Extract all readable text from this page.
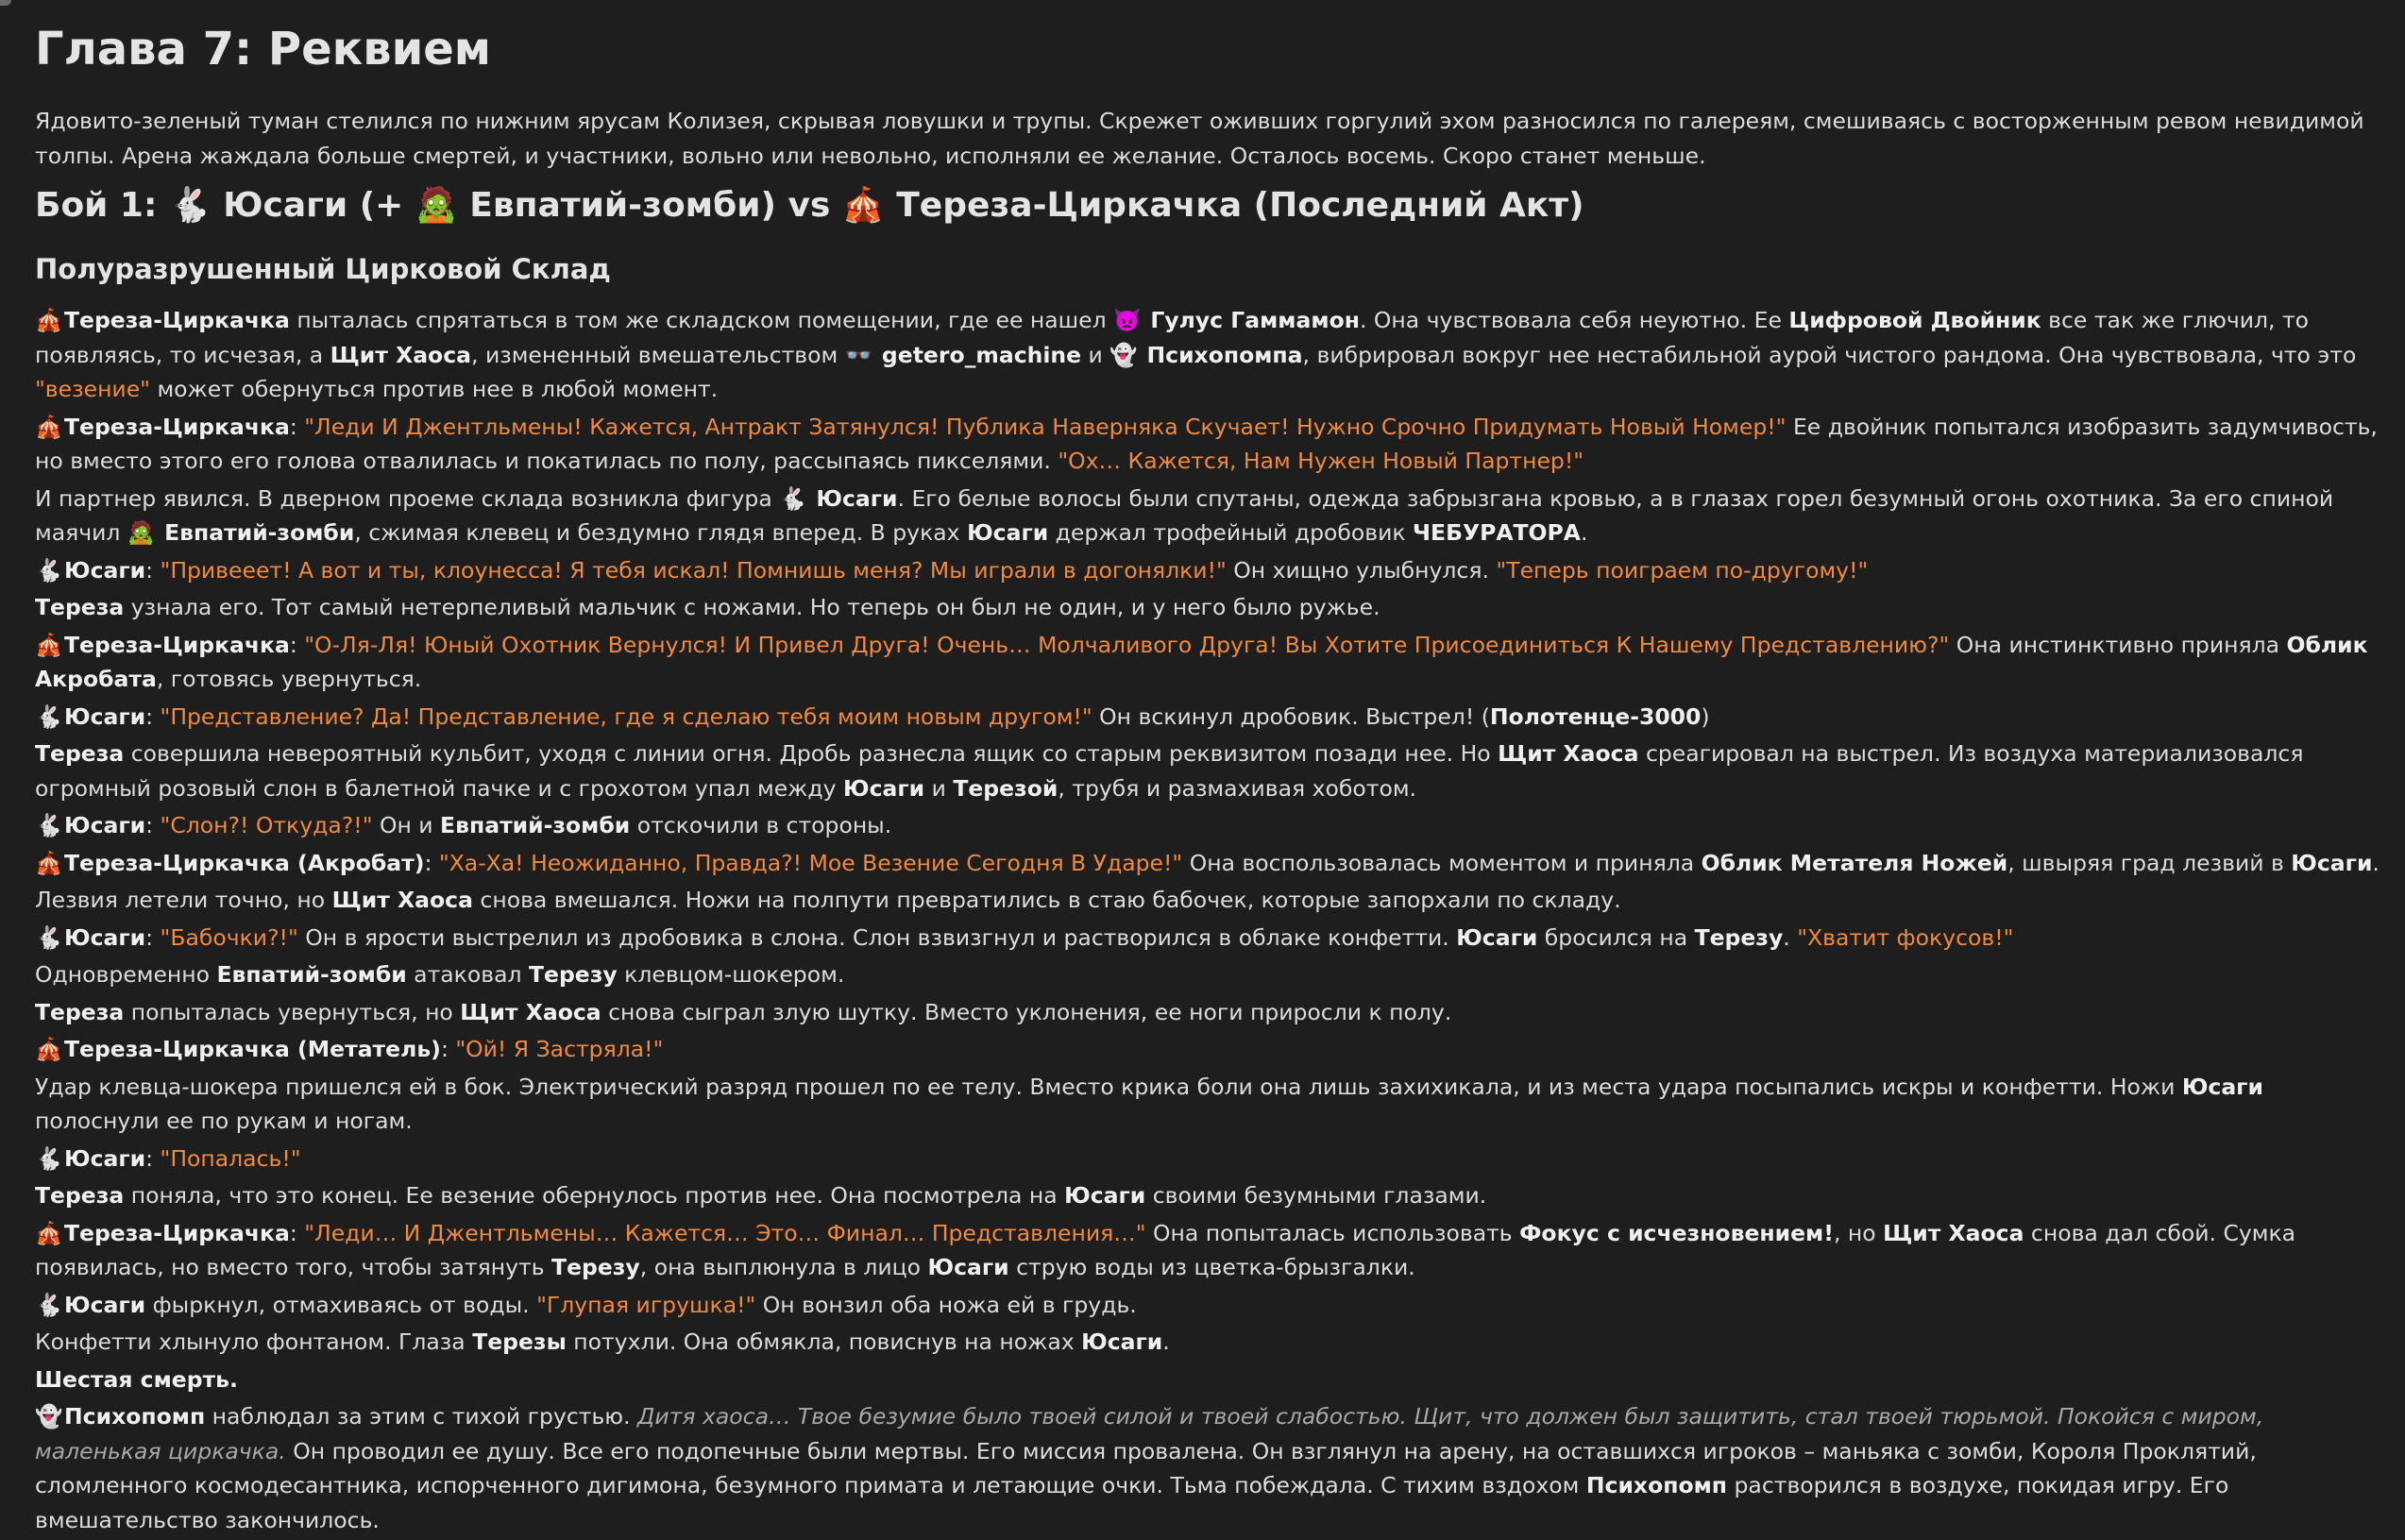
Глава 7: Реквием

Ядовито-зеленый туман стелился по нижним ярусам Колизея, скрывая ловушки и трупы. Скрежет оживших горгулий эхом разносился по галереям, смешиваясь с восторженным ревом невидимой толпы. Арена жаждала больше смертей, и участники, вольно или невольно, исполняли ее желание. Осталось восемь. Скоро станет меньше.

Бой 1: 🐇 Юсаги (+ 🧟 Евпатий-зомби) vs 🎪 Тереза-Циркачка (Последний Акт)
Полуразрушенный Цирковой Склад

🎪Тереза-Циркачка пыталась спрятаться в том же складском помещении, где ее нашел 👿 Гулус Гаммамон. Она чувствовала себя неуютно. Ее Цифровой Двойник все так же глючил, то появляясь, то исчезая, а Щит Хаоса, измененный вмешательством 👓 getero_machine и 👻 Психопомпа, вибрировал вокруг нее нестабильной аурой чистого рандома. Она чувствовала, что это "везение" может обернуться против нее в любой момент.

🎪Тереза-Циркачка: "Леди И Джентльмены! Кажется, Антракт Затянулся! Публика Наверняка Скучает! Нужно Срочно Придумать Новый Номер!" Ее двойник попытался изобразить задумчивость, но вместо этого его голова отвалилась и покатилась по полу, рассыпаясь пикселями. "Ох… Кажется, Нам Нужен Новый Партнер!"

И партнер явился. В дверном проеме склада возникла фигура 🐇 Юсаги. Его белые волосы были спутаны, одежда забрызгана кровью, а в глазах горел безумный огонь охотника. За его спиной маячил 🧟 Евпатий-зомби, сжимая клевец и бездумно глядя вперед. В руках Юсаги держал трофейный дробовик ЧЕБУРАТОРА.

🐇Юсаги: "Привееет! А вот и ты, клоунесса! Я тебя искал! Помнишь меня? Мы играли в догонялки!" Он хищно улыбнулся. "Теперь поиграем по-другому!"

Тереза узнала его. Тот самый нетерпеливый мальчик с ножами. Но теперь он был не один, и у него было ружье.

🎪Тереза-Циркачка: "О-Ля-Ля! Юный Охотник Вернулся! И Привел Друга! Очень… Молчаливого Друга! Вы Хотите Присоединиться К Нашему Представлению?" Она инстинктивно приняла Облик Акробата, готовясь увернуться.

🐇Юсаги: "Представление? Да! Представление, где я сделаю тебя моим новым другом!" Он вскинул дробовик. Выстрел! (Полотенце-3000)

Тереза совершила невероятный кульбит, уходя с линии огня. Дробь разнесла ящик со старым реквизитом позади нее. Но Щит Хаоса среагировал на выстрел. Из воздуха материализовался огромный розовый слон в балетной пачке и с грохотом упал между Юсаги и Терезой, трубя и размахивая хоботом.

🐇Юсаги: "Слон?! Откуда?!" Он и Евпатий-зомби отскочили в стороны.

🎪Тереза-Циркачка (Акробат): "Ха-Ха! Неожиданно, Правда?! Мое Везение Сегодня В Ударе!" Она воспользовалась моментом и приняла Облик Метателя Ножей, швыряя град лезвий в Юсаги.

Лезвия летели точно, но Щит Хаоса снова вмешался. Ножи на полпути превратились в стаю бабочек, которые запорхали по складу.

🐇Юсаги: "Бабочки?!" Он в ярости выстрелил из дробовика в слона. Слон взвизгнул и растворился в облаке конфетти. Юсаги бросился на Терезу. "Хватит фокусов!"

Одновременно Евпатий-зомби атаковал Терезу клевцом-шокером.

Тереза попыталась увернуться, но Щит Хаоса снова сыграл злую шутку. Вместо уклонения, ее ноги приросли к полу.

🎪Тереза-Циркачка (Метатель): "Ой! Я Застряла!"

Удар клевца-шокера пришелся ей в бок. Электрический разряд прошел по ее телу. Вместо крика боли она лишь захихикала, и из места удара посыпались искры и конфетти. Ножи Юсаги полоснули ее по рукам и ногам.

🐇Юсаги: "Попалась!"

Тереза поняла, что это конец. Ее везение обернулось против нее. Она посмотрела на Юсаги своими безумными глазами.

🎪Тереза-Циркачка: "Леди… И Джентльмены… Кажется… Это… Финал… Представления…" Она попыталась использовать Фокус с исчезновением!, но Щит Хаоса снова дал сбой. Сумка появилась, но вместо того, чтобы затянуть Терезу, она выплюнула в лицо Юсаги струю воды из цветка-брызгалки.

🐇Юсаги фыркнул, отмахиваясь от воды. "Глупая игрушка!" Он вонзил оба ножа ей в грудь.

Конфетти хлынуло фонтаном. Глаза Терезы потухли. Она обмякла, повиснув на ножах Юсаги.

Шестая смерть.

👻Психопомп наблюдал за этим с тихой грустью. Дитя хаоса… Твое безумие было твоей силой и твоей слабостью. Щит, что должен был защитить, стал твоей тюрьмой. Покойся с миром, маленькая циркачка. Он проводил ее душу. Все его подопечные были мертвы. Его миссия провалена. Он взглянул на арену, на оставшихся игроков – маньяка с зомби, Короля Проклятий, сломленного космодесантника, испорченного дигимона, безумного примата и летающие очки. Тьма побеждала. С тихим вздохом Психопомп растворился в воздухе, покидая игру. Его вмешательство закончилось.
